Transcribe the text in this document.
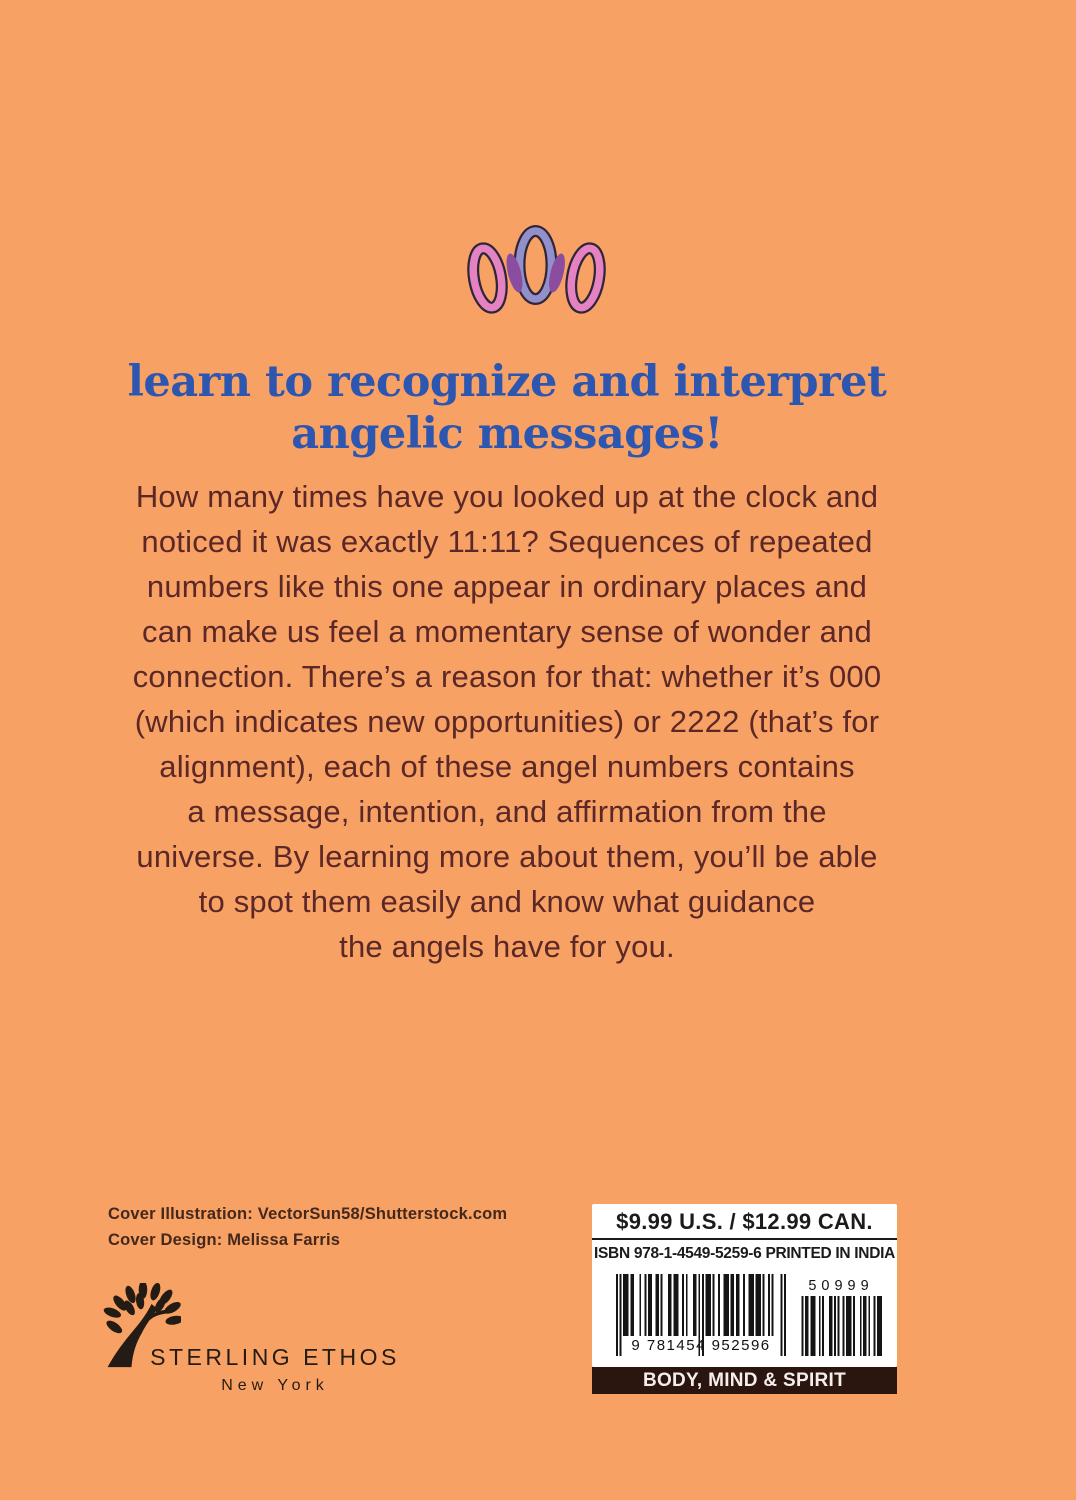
learn to recognize and interpret
angelic messages!
How many times have you looked up at the clock and
noticed it was exactly 11:11? Sequences of repeated
numbers like this one appear in ordinary places and
can make us feel a momentary sense of wonder and
connection. There’s a reason for that: whether it’s 000
(which indicates new opportunities) or 2222 (that’s for
alignment), each of these angel numbers contains
a message, intention, and affirmation from the
universe. By learning more about them, you’ll be able
to spot them easily and know what guidance
the angels have for you.
Cover Illustration: VectorSun58/Shutterstock.com
Cover Design: Melissa Farris
STERLING ETHOS
New York
$9.99 U.S. / $12.99 CAN.
ISBN 978-1-4549-5259-6 PRINTED IN INDIA
9 781454 952596
50999
BODY, MIND & SPIRIT
